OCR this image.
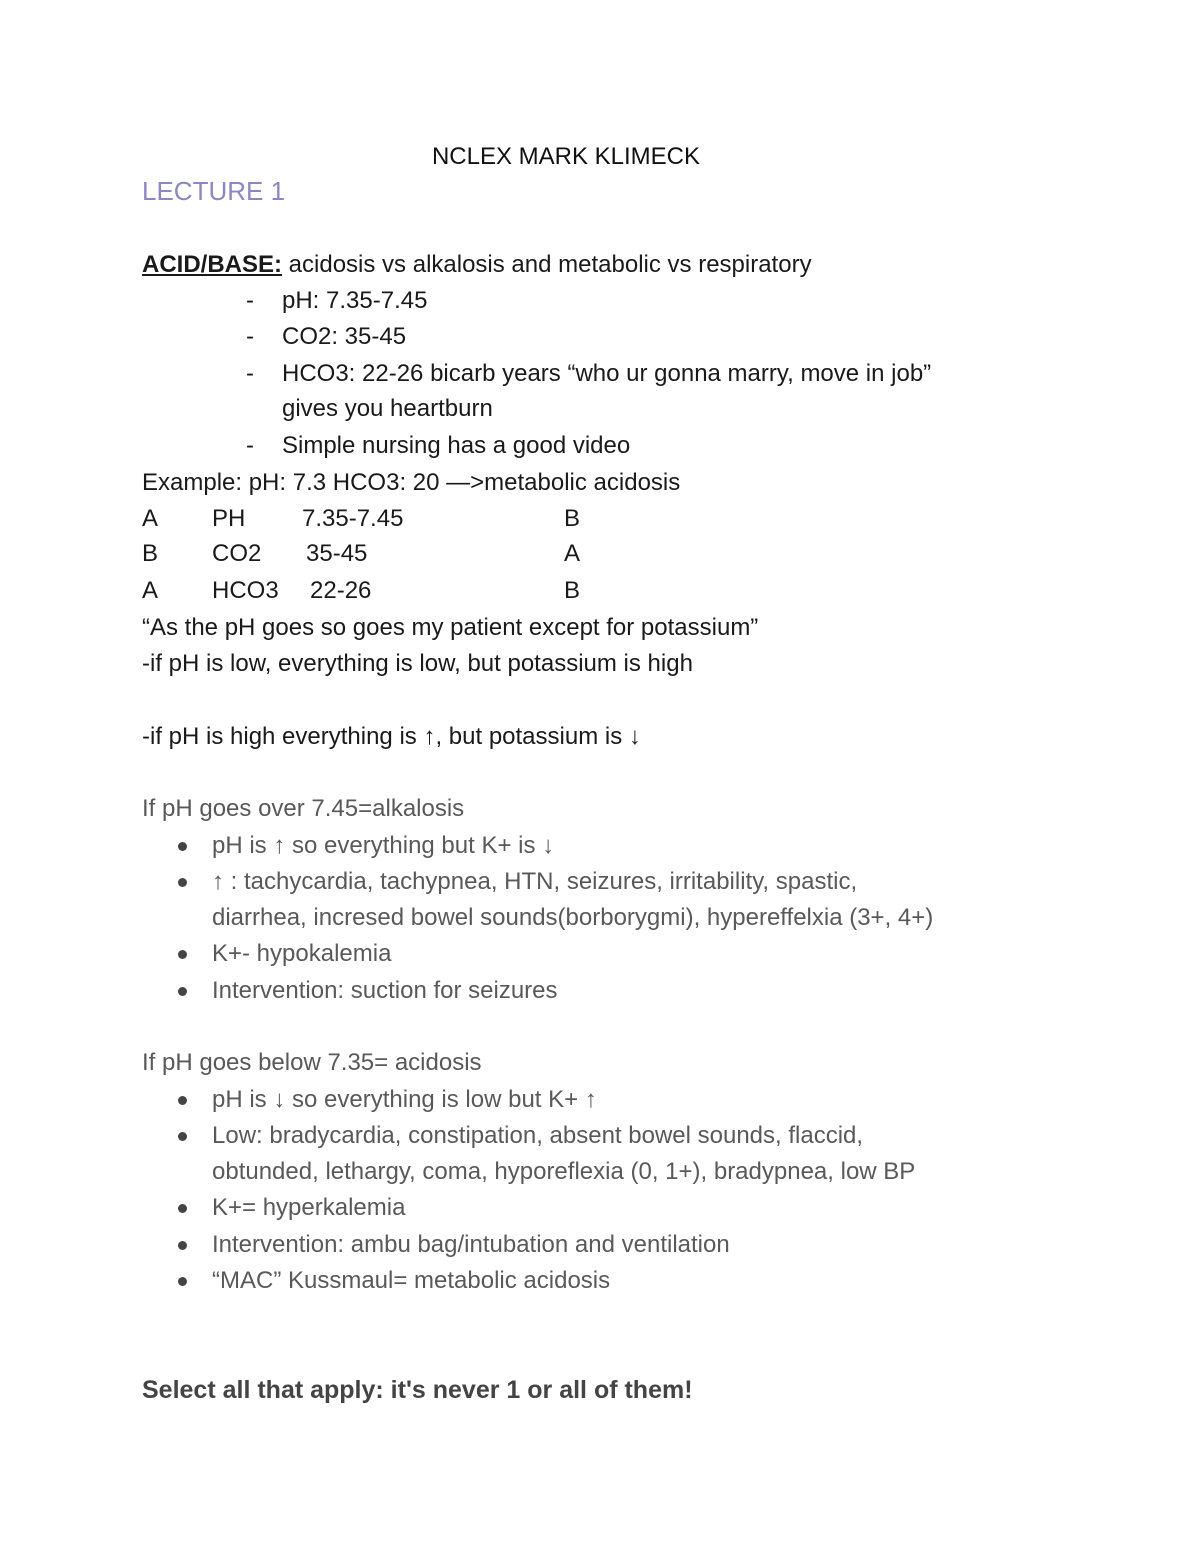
NCLEX MARK KLIMECK
LECTURE 1
ACID/BASE: acidosis vs alkalosis and metabolic vs respiratory
- pH: 7.35-7.45
- CO2: 35-45
- HCO3: 22-26 bicarb years “who ur gonna marry, move in job”
gives you heartburn
- Simple nursing has a good video
Example: pH: 7.3 HCO3: 20 —>metabolic acidosis
A PH 7.35-7.45	B
B CO2 35-45	A
A HCO3 22-26	B
“As the pH goes so goes my patient except for potassium”
-if pH is low, everything is low, but potassium is high
-if pH is high everything is ↑, but potassium is ↓
If pH goes over 7.45=alkalosis
pH is ↑ so everything but K+ is ↓
↑ : tachycardia, tachypnea, HTN, seizures, irritability, spastic,
diarrhea, incresed bowel sounds(borborygmi), hypereffelxia (3+, 4+)
K+- hypokalemia
Intervention: suction for seizures
If pH goes below 7.35= acidosis
pH is ↓ so everything is low but K+ ↑
Low: bradycardia, constipation, absent bowel sounds, flaccid,
obtunded, lethargy, coma, hyporeflexia (0, 1+), bradypnea, low BP
K+= hyperkalemia
Intervention: ambu bag/intubation and ventilation
“MAC” Kussmaul= metabolic acidosis
Select all that apply: it's never 1 or all of them!
